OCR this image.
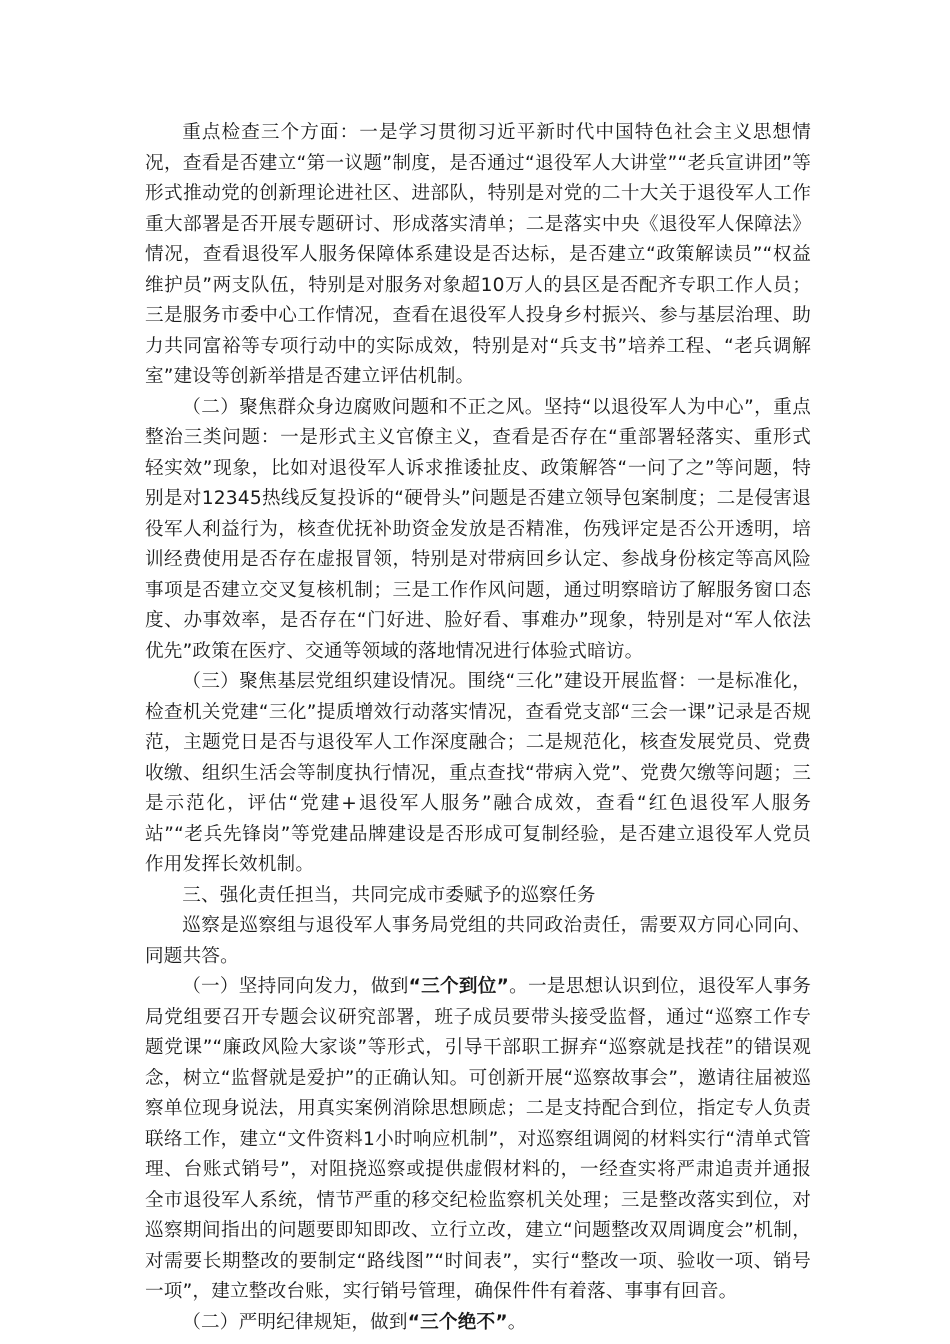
重点检查三个方面：一是学习贯彻习近平新时代中国特色社会主义思想情况，查看是否建立“第一议题”制度，是否通过“退役军人大讲堂”“老兵宣讲团”等形式推动党的创新理论进社区、进部队，特别是对党的二十大关于退役军人工作重大部署是否开展专题研讨、形成落实清单；二是落实中央《退役军人保障法》情况，查看退役军人服务保障体系建设是否达标，是否建立“政策解读员”“权益维护员”两支队伍，特别是对服务对象超10万人的县区是否配齐专职工作人员；三是服务市委中心工作情况，查看在退役军人投身乡村振兴、参与基层治理、助力共同富裕等专项行动中的实际成效，特别是对“兵支书”培养工程、“老兵调解室”建设等创新举措是否建立评估机制。

（二）聚焦群众身边腐败问题和不正之风。坚持“以退役军人为中心”，重点整治三类问题：一是形式主义官僚主义，查看是否存在“重部署轻落实、重形式轻实效”现象，比如对退役军人诉求推诿扯皮、政策解答“一问了之”等问题，特别是对12345热线反复投诉的“硬骨头”问题是否建立领导包案制度；二是侵害退役军人利益行为，核查优抚补助资金发放是否精准，伤残评定是否公开透明，培训经费使用是否存在虚报冒领，特别是对带病回乡认定、参战身份核定等高风险事项是否建立交叉复核机制；三是工作作风问题，通过明察暗访了解服务窗口态度、办事效率，是否存在“门好进、脸好看、事难办”现象，特别是对“军人依法优先”政策在医疗、交通等领域的落地情况进行体验式暗访。

（三）聚焦基层党组织建设情况。围绕“三化”建设开展监督：一是标准化，检查机关党建“三化”提质增效行动落实情况，查看党支部“三会一课”记录是否规范，主题党日是否与退役军人工作深度融合；二是规范化，核查发展党员、党费收缴、组织生活会等制度执行情况，重点查找“带病入党”、党费欠缴等问题；三是示范化，评估“党建+退役军人服务”融合成效，查看“红色退役军人服务站”“老兵先锋岗”等党建品牌建设是否形成可复制经验，是否建立退役军人党员作用发挥长效机制。

三、强化责任担当，共同完成市委赋予的巡察任务

巡察是巡察组与退役军人事务局党组的共同政治责任，需要双方同心同向、同题共答。

（一）坚持同向发力，做到“三个到位”。一是思想认识到位，退役军人事务局党组要召开专题会议研究部署，班子成员要带头接受监督，通过“巡察工作专题党课”“廉政风险大家谈”等形式，引导干部职工摒弃“巡察就是找茬”的错误观念，树立“监督就是爱护”的正确认知。可创新开展“巡察故事会”，邀请往届被巡察单位现身说法，用真实案例消除思想顾虑；二是支持配合到位，指定专人负责联络工作，建立“文件资料1小时响应机制”，对巡察组调阅的材料实行“清单式管理、台账式销号”，对阻挠巡察或提供虚假材料的，一经查实将严肃追责并通报全市退役军人系统，情节严重的移交纪检监察机关处理；三是整改落实到位，对巡察期间指出的问题要即知即改、立行立改，建立“问题整改双周调度会”机制，对需要长期整改的要制定“路线图”“时间表”，实行“整改一项、验收一项、销号一项”，建立整改台账，实行销号管理，确保件件有着落、事事有回音。

（二）严明纪律规矩，做到“三个绝不”。
